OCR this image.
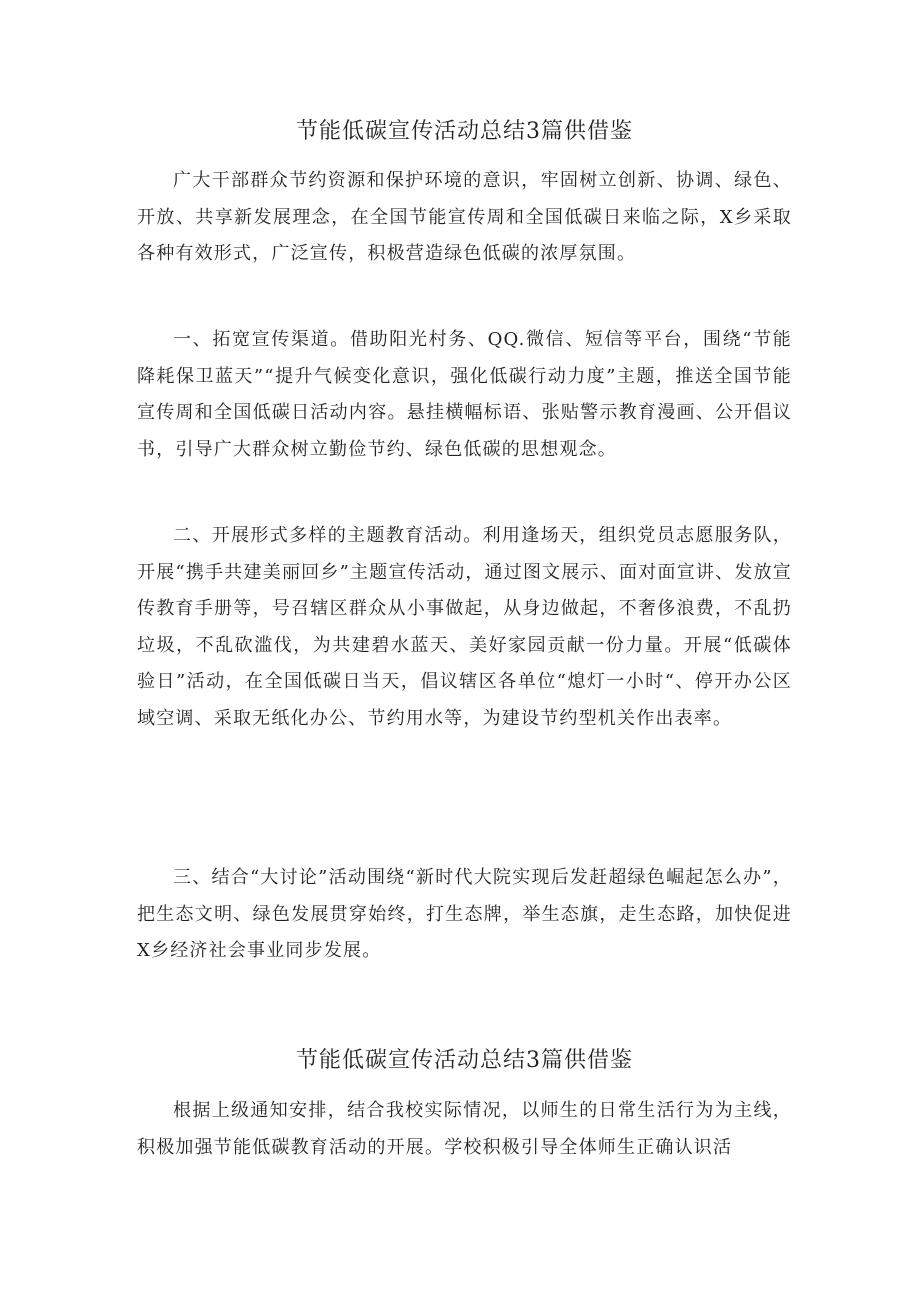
节能低碳宣传活动总结3篇供借鉴

广大干部群众节约资源和保护环境的意识，牢固树立创新、协调、绿色、开放、共享新发展理念，在全国节能宣传周和全国低碳日来临之际，X乡采取各种有效形式，广泛宣传，积极营造绿色低碳的浓厚氛围。

一、拓宽宣传渠道。借助阳光村务、QQ.微信、短信等平台，围绕“节能降耗保卫蓝天”“提升气候变化意识，强化低碳行动力度”主题，推送全国节能宣传周和全国低碳日活动内容。悬挂横幅标语、张贴警示教育漫画、公开倡议书，引导广大群众树立勤俭节约、绿色低碳的思想观念。

二、开展形式多样的主题教育活动。利用逢场天，组织党员志愿服务队，开展“携手共建美丽回乡”主题宣传活动，通过图文展示、面对面宣讲、发放宣传教育手册等，号召辖区群众从小事做起，从身边做起，不奢侈浪费，不乱扔垃圾，不乱砍滥伐，为共建碧水蓝天、美好家园贡献一份力量。开展“低碳体验日”活动，在全国低碳日当天，倡议辖区各单位“熄灯一小时“、停开办公区域空调、采取无纸化办公、节约用水等，为建设节约型机关作出表率。

三、结合“大讨论”活动围绕“新时代大院实现后发赶超绿色崛起怎么办”，把生态文明、绿色发展贯穿始终，打生态牌，举生态旗，走生态路，加快促进X乡经济社会事业同步发展。

节能低碳宣传活动总结3篇供借鉴

根据上级通知安排，结合我校实际情况，以师生的日常生活行为为主线，积极加强节能低碳教育活动的开展。学校积极引导全体师生正确认识活
